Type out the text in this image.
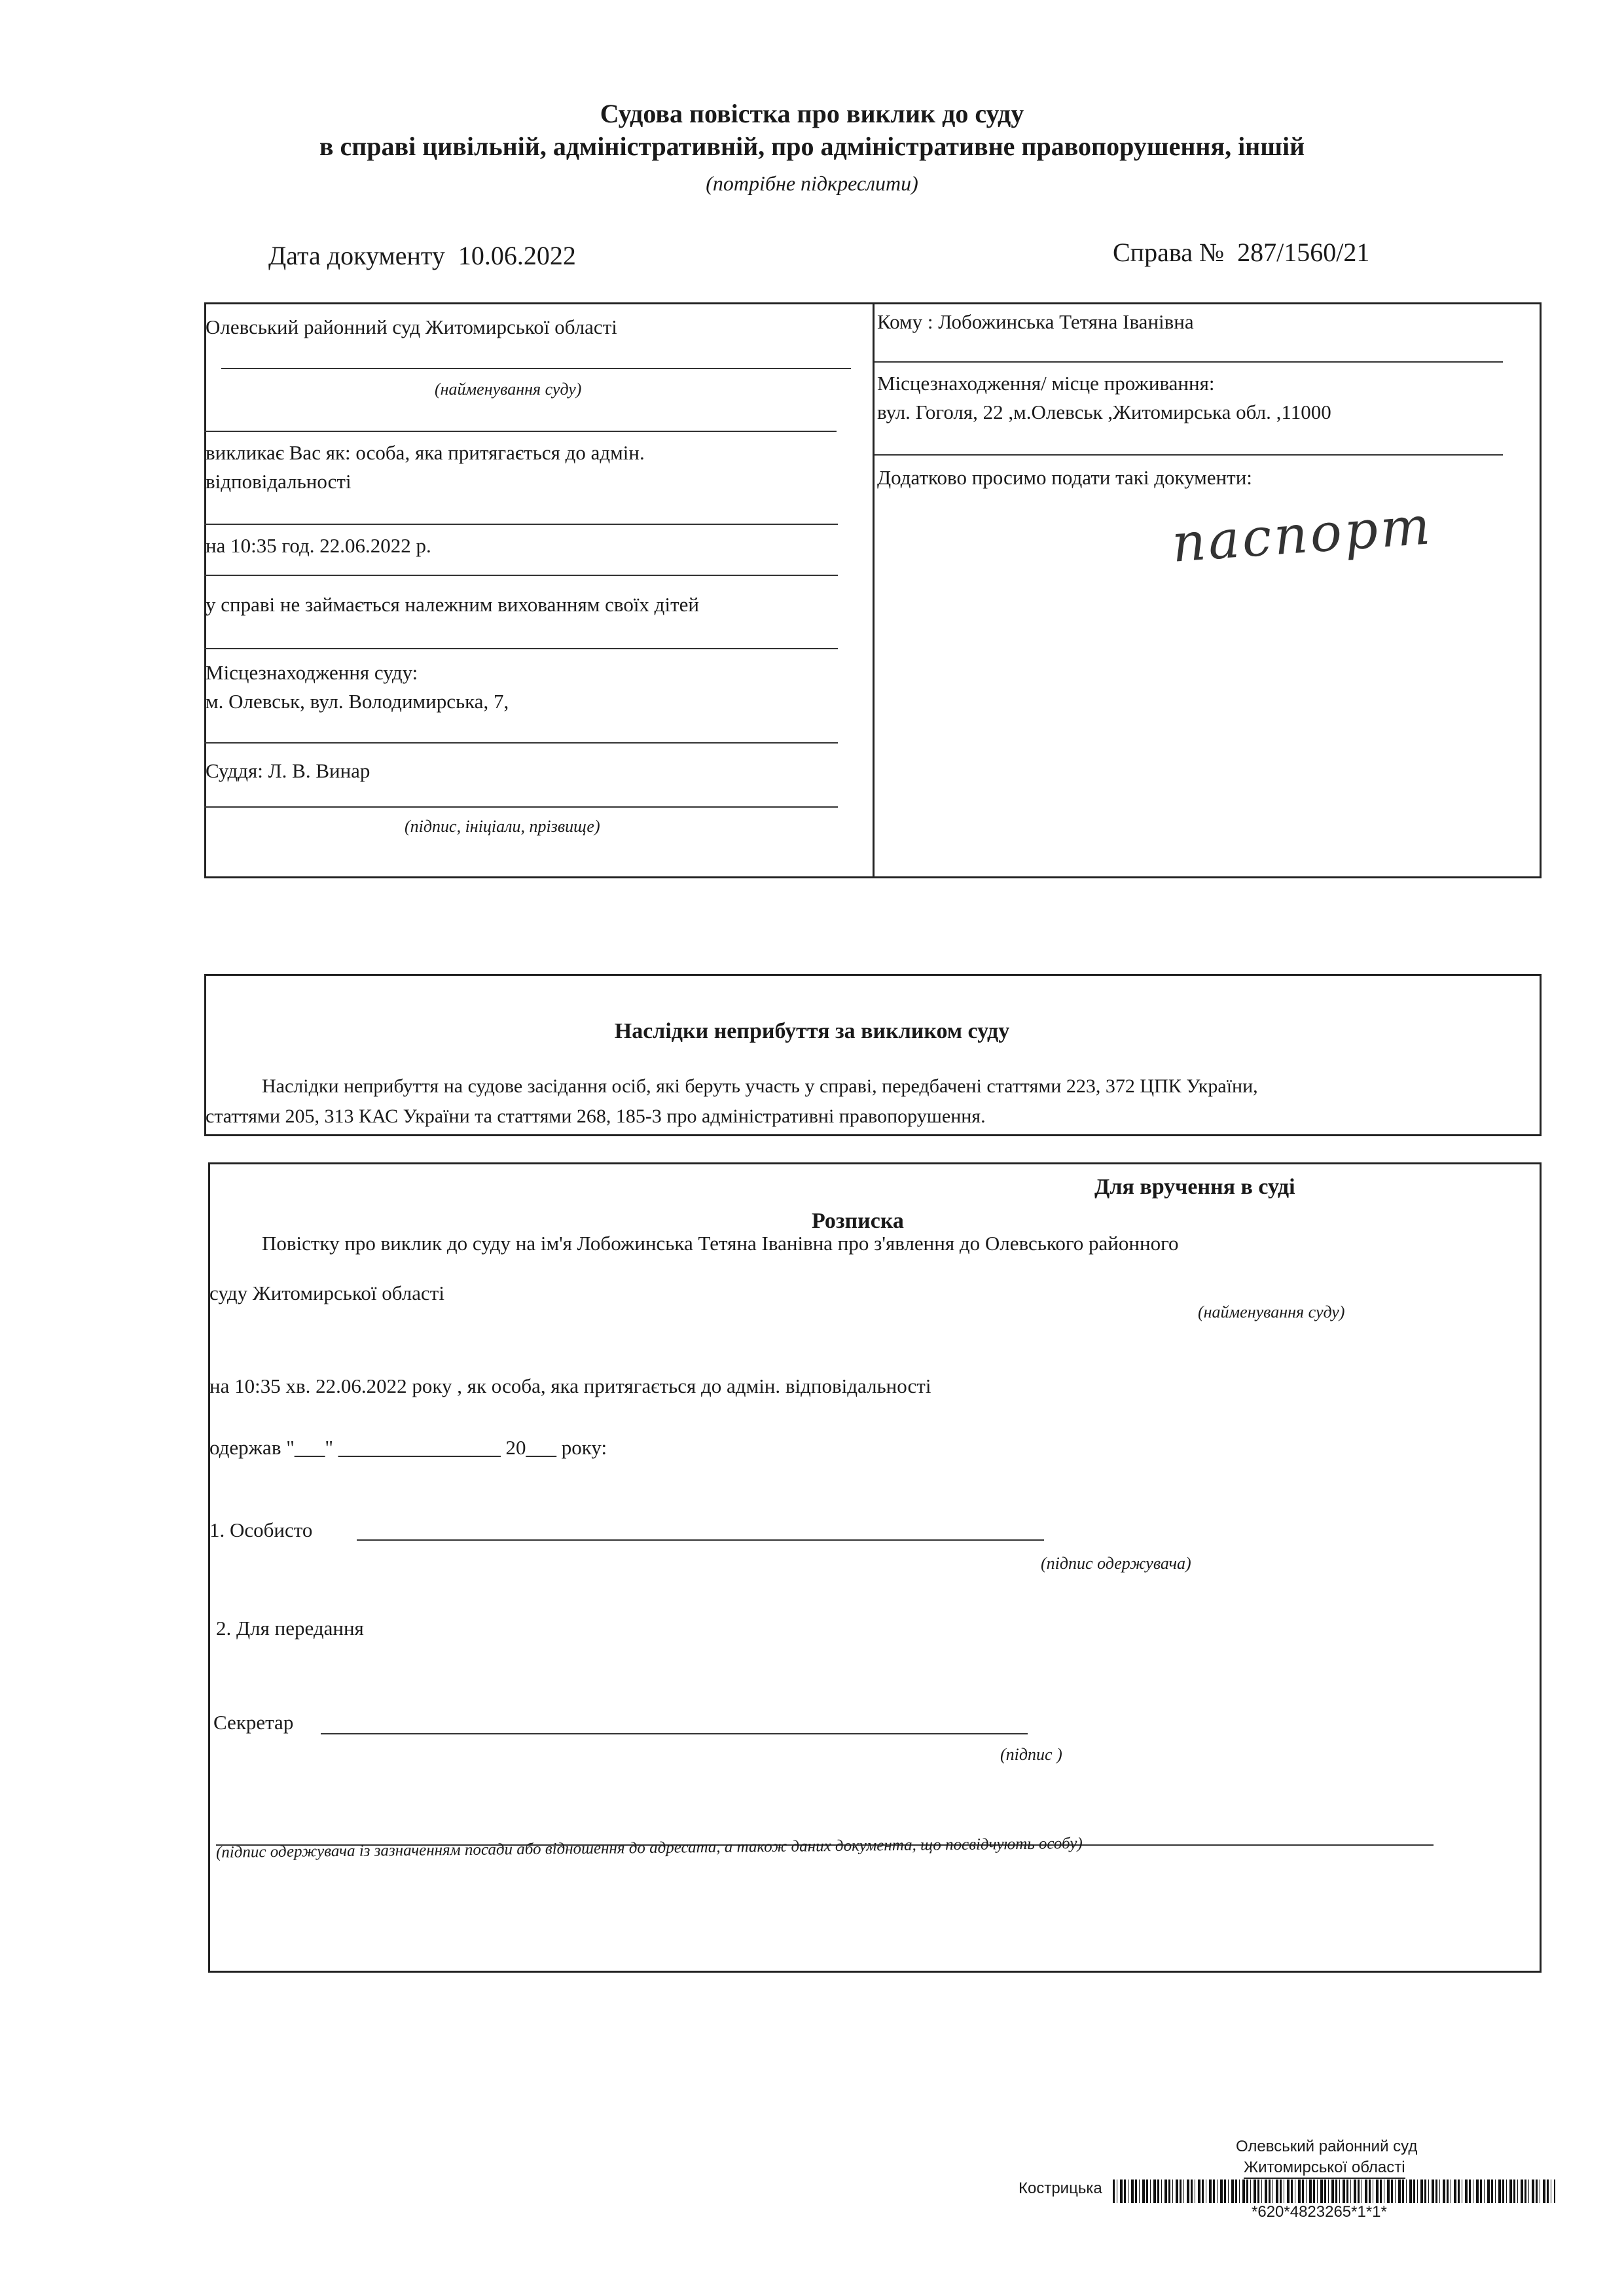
Судова повістка про виклик до суду
в справі цивільній, адміністративній, про адміністративне правопорушення, іншій
(потрібне підкреслити)
Дата документу 10.06.2022	Справа № 287/1560/21
Олевський районний суд Житомирської області
(найменування суду)
викликає Вас як: особа, яка притягається до адмін.
відповідальності
на 10:35 год. 22.06.2022 р.
у справі не займається належним вихованням своїх дітей
Місцезнаходження суду:
м. Олевськ, вул. Володимирська, 7,
Суддя: Л. В. Винар
(підпис, ініціали, прізвище)
Кому : Лобожинська Тетяна Іванівна
Місцезнаходження/ місце проживання:
вул. Гоголя, 22 ,м.Олевськ ,Житомирська обл. ,11000
Додатково просимо подати такі документи:
паспорт
Наслідки неприбуття за викликом суду
Наслідки неприбуття на судове засідання осіб, які беруть участь у справі, передбачені статтями 223, 372 ЦПК України,
статтями 205, 313 КАС України та статтями 268, 185-3 про адміністративні правопорушення.
Для вручення в суді
Розписка
Повістку про виклик до суду на ім'я Лобожинська Тетяна Іванівна про з'явлення до Олевського районного
суду Житомирської області
(найменування суду)
на 10:35 хв. 22.06.2022 року , як особа, яка притягається до адмін. відповідальності
одержав "___" ________________ 20___ року:
1. Особисто
(підпис одержувача)
2. Для передання
Секретар
(підпис )
(підпис одержувача із зазначенням посади або відношення до адресата, а також даних документа, що посвідчують особу)
Олевський районний суд
Житомирської області
Кострицька
*620*4823265*1*1*
